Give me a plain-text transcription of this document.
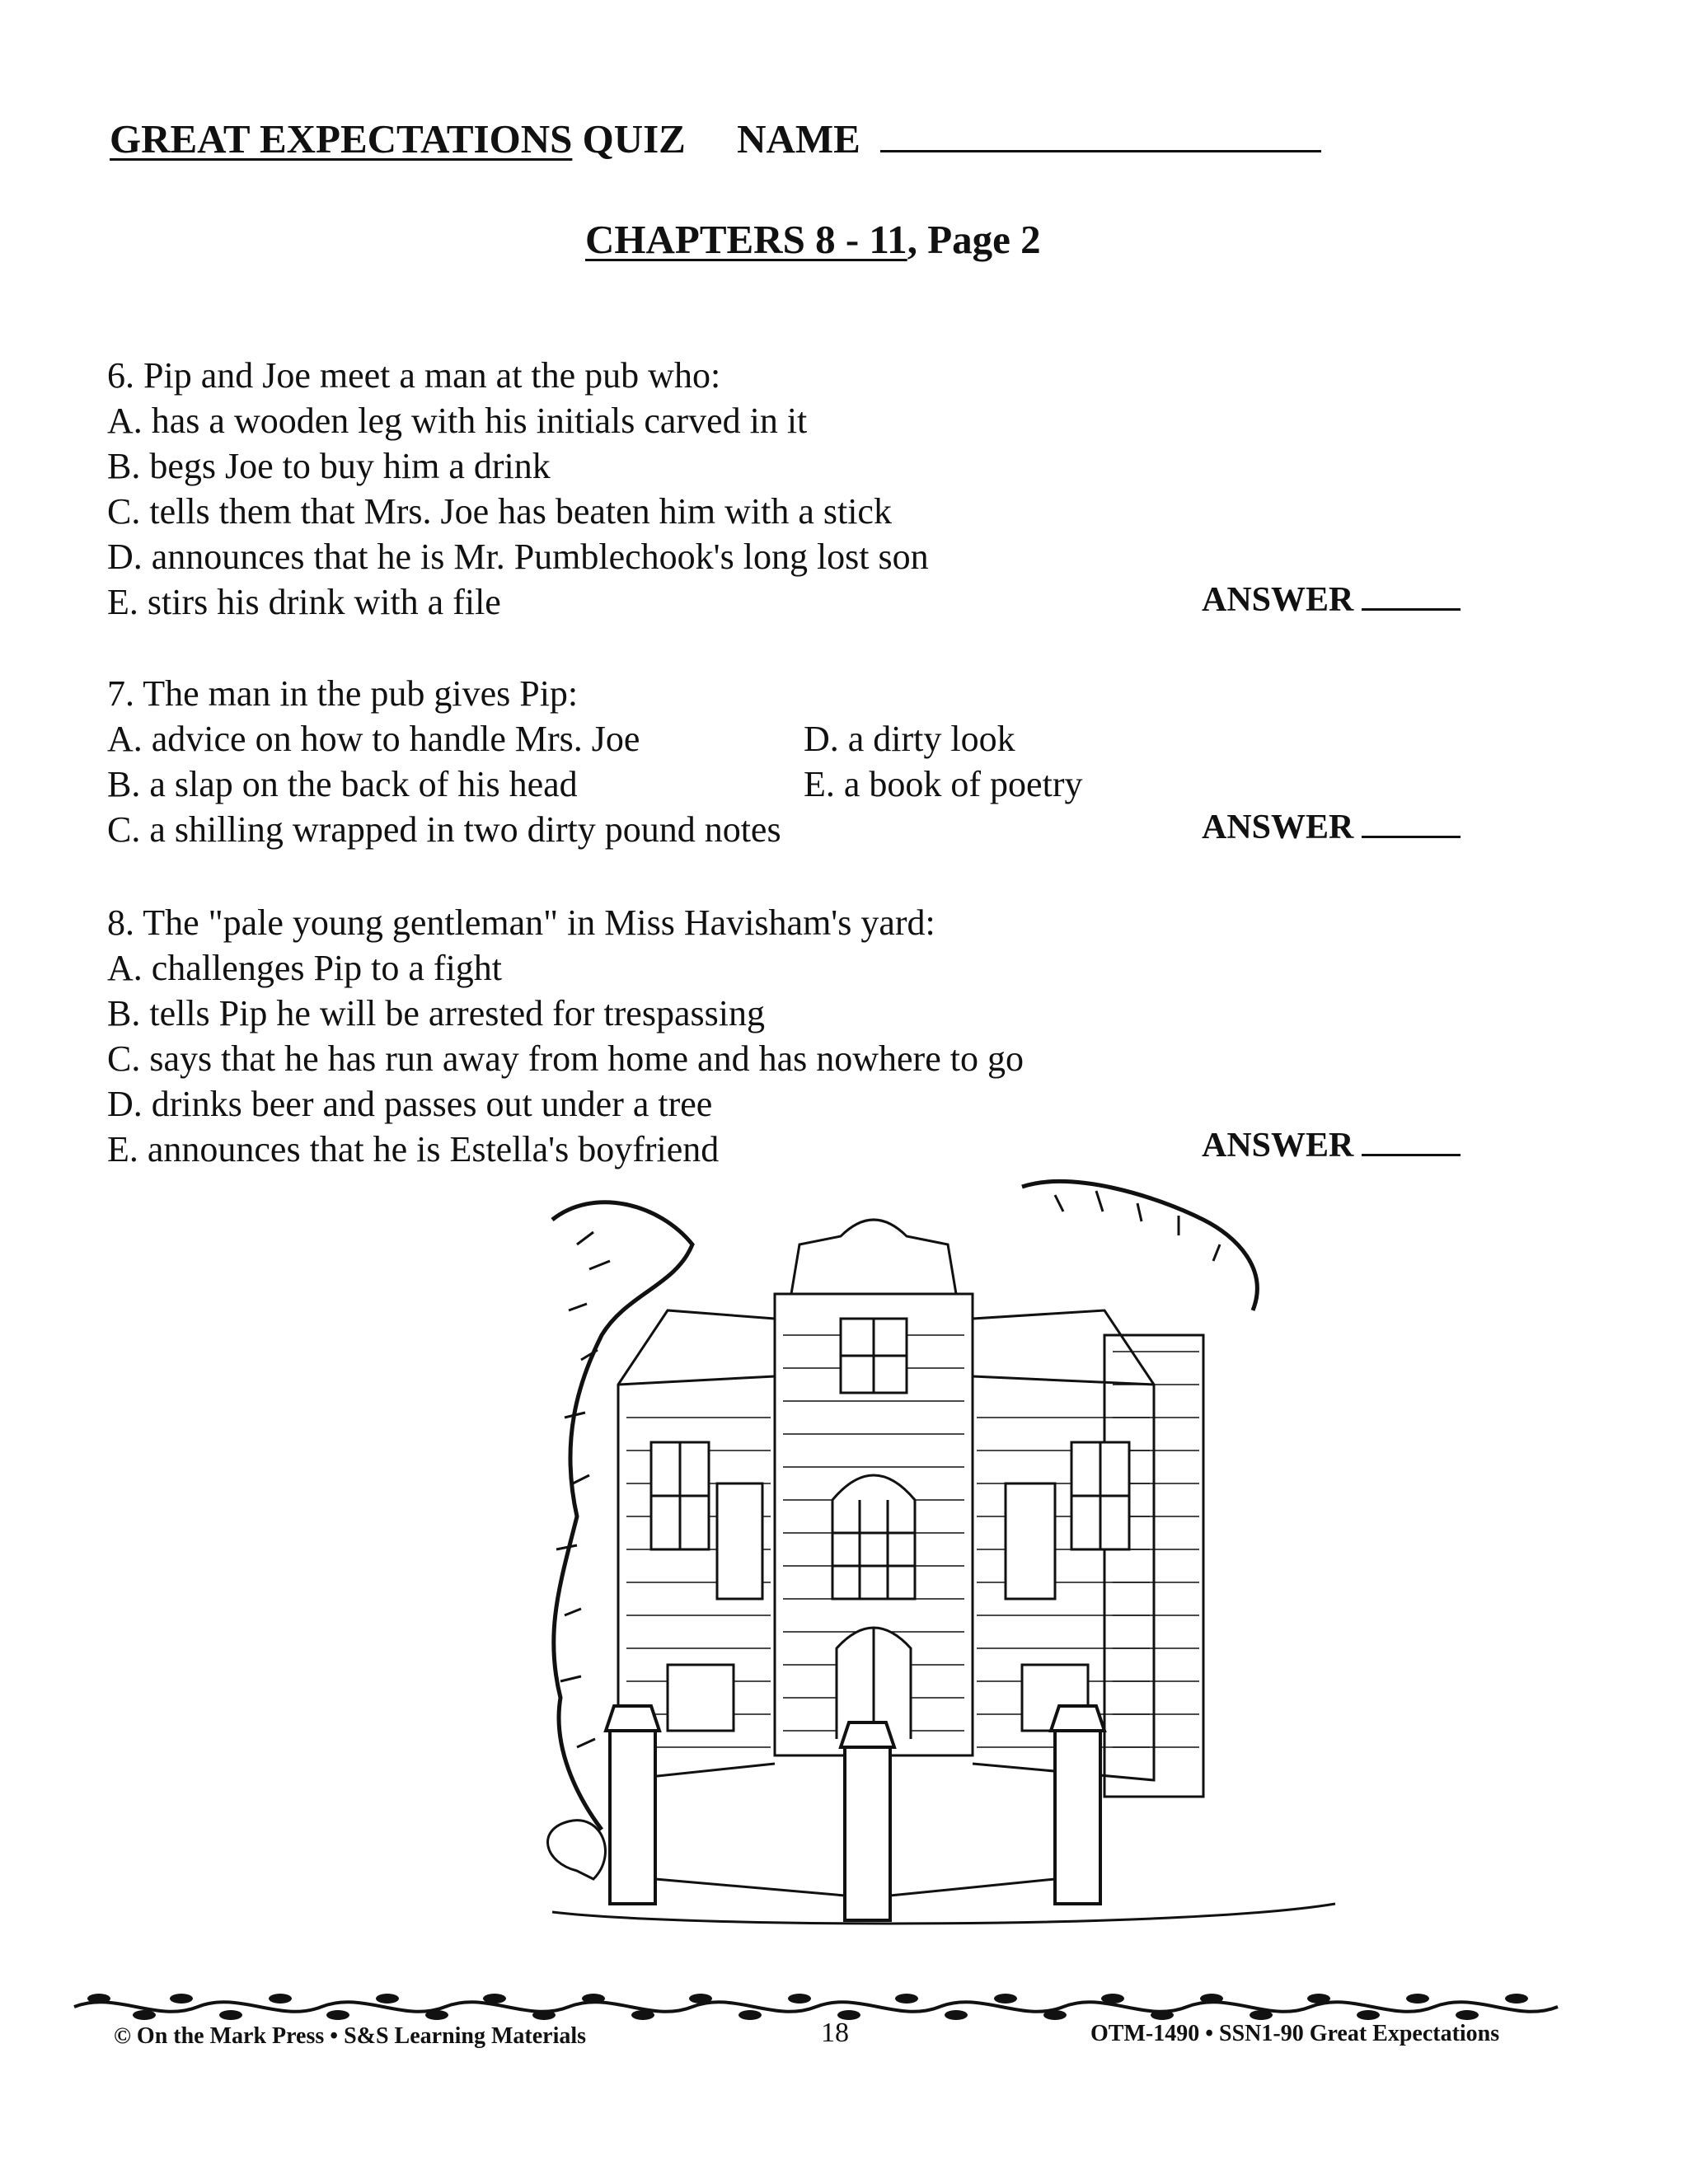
GREAT EXPECTATIONS QUIZ NAME
CHAPTERS 8 - 11, Page 2
6. Pip and Joe meet a man at the pub who:
A. has a wooden leg with his initials carved in it
B. begs Joe to buy him a drink
C. tells them that Mrs. Joe has beaten him with a stick
D. announces that he is Mr. Pumblechook's long lost son
E. stirs his drink with a file	ANSWER
7. The man in the pub gives Pip:
A. advice on how to handle Mrs. Joe
B. a slap on the back of his head
C. a shilling wrapped in two dirty pound notes
D. a dirty look
E. a book of poetry
ANSWER
8. The "pale young gentleman" in Miss Havisham's yard:
A. challenges Pip to a fight
B. tells Pip he will be arrested for trespassing
C. says that he has run away from home and has nowhere to go
D. drinks beer and passes out under a tree
E. announces that he is Estella's boyfriend	ANSWER
© On the Mark Press • S&S Learning Materials	18	OTM-1490 • SSN1-90 Great Expectations
